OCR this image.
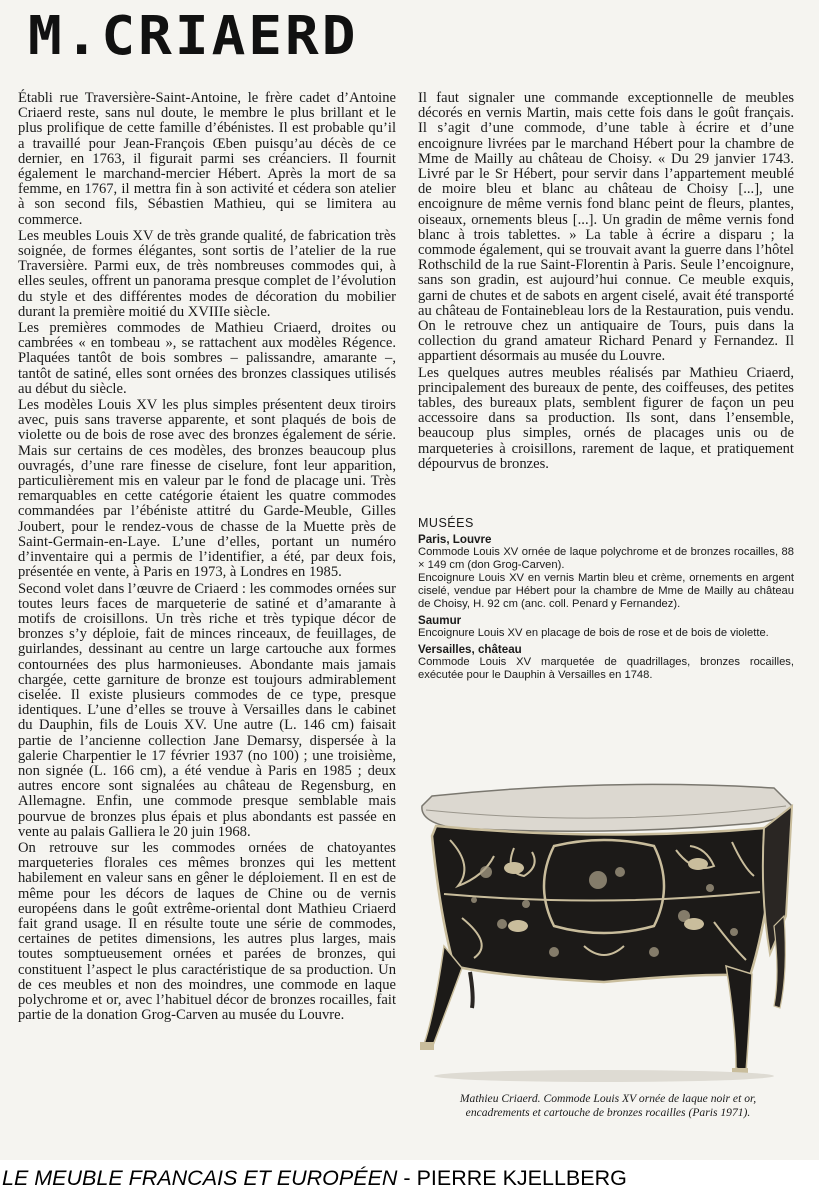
M.CRIAERD

Établi rue Traversière-Saint-Antoine, le frère cadet d’Antoine Criaerd reste, sans nul doute, le membre le plus brillant et le plus prolifique de cette famille d’ébénistes. Il est probable qu’il a travaillé pour Jean-François Œben puisqu’au décès de ce dernier, en 1763, il figurait parmi ses créanciers. Il fournit également le marchand-mercier Hébert. Après la mort de sa femme, en 1767, il mettra fin à son activité et cédera son atelier à son second fils, Sébastien Mathieu, qui se limitera au commerce.

Les meubles Louis XV de très grande qualité, de fabrication très soignée, de formes élégantes, sont sortis de l’atelier de la rue Traversière. Parmi eux, de très nombreuses commodes qui, à elles seules, offrent un panorama presque complet de l’évolution du style et des différentes modes de décoration du mobilier durant la première moitié du XVIIIe siècle.

Les premières commodes de Mathieu Criaerd, droites ou cambrées « en tombeau », se rattachent aux modèles Régence. Plaquées tantôt de bois sombres – palissandre, amarante –, tantôt de satiné, elles sont ornées des bronzes classiques utilisés au début du siècle.

Les modèles Louis XV les plus simples présentent deux tiroirs avec, puis sans traverse apparente, et sont plaqués de bois de violette ou de bois de rose avec des bronzes également de série. Mais sur certains de ces modèles, des bronzes beaucoup plus ouvragés, d’une rare finesse de ciselure, font leur apparition, particulièrement mis en valeur par le fond de placage uni. Très remarquables en cette catégorie étaient les quatre commodes commandées par l’ébéniste attitré du Garde-Meuble, Gilles Joubert, pour le rendez-vous de chasse de la Muette près de Saint-Germain-en-Laye. L’une d’elles, portant un numéro d’inventaire qui a permis de l’identifier, a été, par deux fois, présentée en vente, à Paris en 1973, à Londres en 1985.

Second volet dans l’œuvre de Criaerd : les commodes ornées sur toutes leurs faces de marqueterie de satiné et d’amarante à motifs de croisillons. Un très riche et très typique décor de bronzes s’y déploie, fait de minces rinceaux, de feuillages, de guirlandes, dessinant au centre un large cartouche aux formes contournées des plus harmonieuses. Abondante mais jamais chargée, cette garniture de bronze est toujours admirablement ciselée. Il existe plusieurs commodes de ce type, presque identiques. L’une d’elles se trouve à Versailles dans le cabinet du Dauphin, fils de Louis XV. Une autre (L. 146 cm) faisait partie de l’ancienne collection Jane Demarsy, dispersée à la galerie Charpentier le 17 février 1937 (no 100) ; une troisième, non signée (L. 166 cm), a été vendue à Paris en 1985 ; deux autres encore sont signalées au château de Regensburg, en Allemagne. Enfin, une commode presque semblable mais pourvue de bronzes plus épais et plus abondants est passée en vente au palais Galliera le 20 juin 1968.

On retrouve sur les commodes ornées de chatoyantes marqueteries florales ces mêmes bronzes qui les mettent habilement en valeur sans en gêner le déploiement. Il en est de même pour les décors de laques de Chine ou de vernis européens dans le goût extrême-oriental dont Mathieu Criaerd fait grand usage. Il en résulte toute une série de commodes, certaines de petites dimensions, les autres plus larges, mais toutes somptueusement ornées et parées de bronzes, qui constituent l’aspect le plus caractéristique de sa production. Un de ces meubles et non des moindres, une commode en laque polychrome et or, avec l’habituel décor de bronzes rocailles, fait partie de la donation Grog-Carven au musée du Louvre.

Il faut signaler une commande exceptionnelle de meubles décorés en vernis Martin, mais cette fois dans le goût français. Il s’agit d’une commode, d’une table à écrire et d’une encoignure livrées par le marchand Hébert pour la chambre de Mme de Mailly au château de Choisy. « Du 29 janvier 1743. Livré par le Sr Hébert, pour servir dans l’appartement meublé de moire bleu et blanc au château de Choisy [...], une encoignure de même vernis fond blanc peint de fleurs, plantes, oiseaux, ornements bleus [...]. Un gradin de même vernis fond blanc à trois tablettes. » La table à écrire a disparu ; la commode également, qui se trouvait avant la guerre dans l’hôtel Rothschild de la rue Saint-Florentin à Paris. Seule l’encoignure, sans son gradin, est aujourd’hui connue. Ce meuble exquis, garni de chutes et de sabots en argent ciselé, avait été transporté au château de Fontainebleau lors de la Restauration, puis vendu. On le retrouve chez un antiquaire de Tours, puis dans la collection du grand amateur Richard Penard y Fernandez. Il appartient désormais au musée du Louvre.

Les quelques autres meubles réalisés par Mathieu Criaerd, principalement des bureaux de pente, des coiffeuses, des petites tables, des bureaux plats, semblent figurer de façon un peu accessoire dans sa production. Ils sont, dans l’ensemble, beaucoup plus simples, ornés de placages unis ou de marqueteries à croisillons, rarement de laque, et pratiquement dépourvus de bronzes.

MUSÉES
Paris, Louvre
Commode Louis XV ornée de laque polychrome et de bronzes rocailles, 88 × 149 cm (don Grog-Carven).
Encoignure Louis XV en vernis Martin bleu et crème, ornements en argent ciselé, vendue par Hébert pour la chambre de Mme de Mailly au château de Choisy, H. 92 cm (anc. coll. Penard y Fernandez).
Saumur
Encoignure Louis XV en placage de bois de rose et de bois de violette.
Versailles, château
Commode Louis XV marquetée de quadrillages, bronzes rocailles, exécutée pour le Dauphin à Versailles en 1748.
Mathieu Criaerd. Commode Louis XV ornée de laque noir et or, encadrements et cartouche de bronzes rocailles (Paris 1971).
LE MEUBLE FRANCAIS ET EUROPÉEN - PIERRE KJELLBERG
